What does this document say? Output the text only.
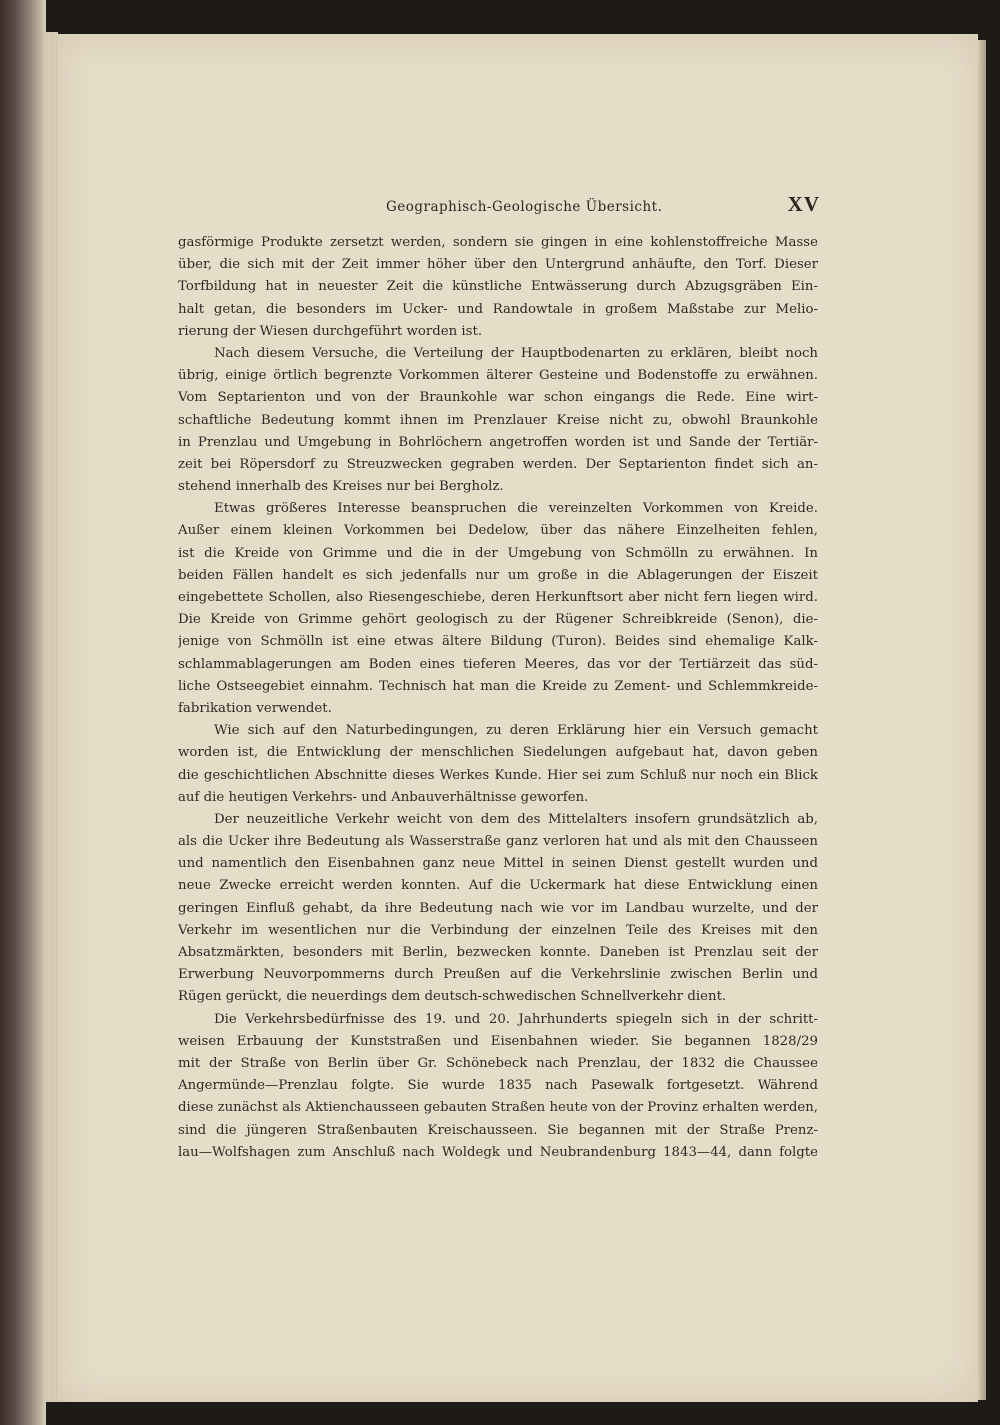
Geographisch-Geologische Übersicht.	XV
gasförmige Produkte zersetzt werden, sondern sie gingen in eine kohlenstoffreiche Masse
über, die sich mit der Zeit immer höher über den Untergrund anhäufte, den Torf. Dieser
Torfbildung hat in neuester Zeit die künstliche Entwässerung durch Abzugsgräben Ein-
halt getan, die besonders im Ucker- und Randowtale in großem Maßstabe zur Melio-
rierung der Wiesen durchgeführt worden ist.
Nach diesem Versuche, die Verteilung der Hauptbodenarten zu erklären, bleibt noch
übrig, einige örtlich begrenzte Vorkommen älterer Gesteine und Bodenstoffe zu erwähnen.
Vom Septarienton und von der Braunkohle war schon eingangs die Rede. Eine wirt-
schaftliche Bedeutung kommt ihnen im Prenzlauer Kreise nicht zu, obwohl Braunkohle
in Prenzlau und Umgebung in Bohrlöchern angetroffen worden ist und Sande der Tertiär-
zeit bei Röpersdorf zu Streuzwecken gegraben werden. Der Septarienton findet sich an-
stehend innerhalb des Kreises nur bei Bergholz.
Etwas größeres Interesse beanspruchen die vereinzelten Vorkommen von Kreide.
Außer einem kleinen Vorkommen bei Dedelow, über das nähere Einzelheiten fehlen,
ist die Kreide von Grimme und die in der Umgebung von Schmölln zu erwähnen. In
beiden Fällen handelt es sich jedenfalls nur um große in die Ablagerungen der Eiszeit
eingebettete Schollen, also Riesengeschiebe, deren Herkunftsort aber nicht fern liegen wird.
Die Kreide von Grimme gehört geologisch zu der Rügener Schreibkreide (Senon), die-
jenige von Schmölln ist eine etwas ältere Bildung (Turon). Beides sind ehemalige Kalk-
schlammablagerungen am Boden eines tieferen Meeres, das vor der Tertiärzeit das süd-
liche Ostseegebiet einnahm. Technisch hat man die Kreide zu Zement- und Schlemmkreide-
fabrikation verwendet.
Wie sich auf den Naturbedingungen, zu deren Erklärung hier ein Versuch gemacht
worden ist, die Entwicklung der menschlichen Siedelungen aufgebaut hat, davon geben
die geschichtlichen Abschnitte dieses Werkes Kunde. Hier sei zum Schluß nur noch ein Blick
auf die heutigen Verkehrs- und Anbauverhältnisse geworfen.
Der neuzeitliche Verkehr weicht von dem des Mittelalters insofern grundsätzlich ab,
als die Ucker ihre Bedeutung als Wasserstraße ganz verloren hat und als mit den Chausseen
und namentlich den Eisenbahnen ganz neue Mittel in seinen Dienst gestellt wurden und
neue Zwecke erreicht werden konnten. Auf die Uckermark hat diese Entwicklung einen
geringen Einfluß gehabt, da ihre Bedeutung nach wie vor im Landbau wurzelte, und der
Verkehr im wesentlichen nur die Verbindung der einzelnen Teile des Kreises mit den
Absatzmärkten, besonders mit Berlin, bezwecken konnte. Daneben ist Prenzlau seit der
Erwerbung Neuvorpommerns durch Preußen auf die Verkehrslinie zwischen Berlin und
Rügen gerückt, die neuerdings dem deutsch-schwedischen Schnellverkehr dient.
Die Verkehrsbedürfnisse des 19. und 20. Jahrhunderts spiegeln sich in der schritt-
weisen Erbauung der Kunststraßen und Eisenbahnen wieder. Sie begannen 1828/29
mit der Straße von Berlin über Gr. Schönebeck nach Prenzlau, der 1832 die Chaussee
Angermünde—Prenzlau folgte. Sie wurde 1835 nach Pasewalk fortgesetzt. Während
diese zunächst als Aktienchausseen gebauten Straßen heute von der Provinz erhalten werden,
sind die jüngeren Straßenbauten Kreischausseen. Sie begannen mit der Straße Prenz-
lau—Wolfshagen zum Anschluß nach Woldegk und Neubrandenburg 1843—44, dann folgte
